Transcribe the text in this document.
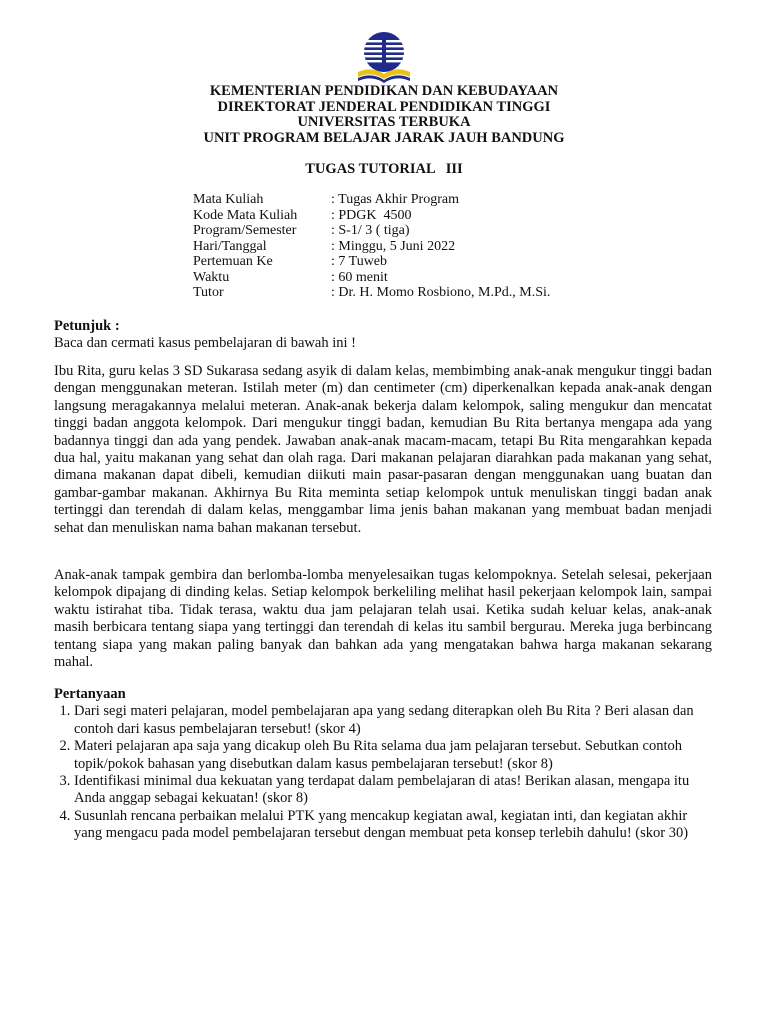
KEMENTERIAN PENDIDIKAN DAN KEBUDAYAAN
DIREKTORAT JENDERAL PENDIDIKAN TINGGI
UNIVERSITAS TERBUKA
UNIT PROGRAM BELAJAR JARAK JAUH BANDUNG
TUGAS TUTORIAL   III
Mata Kuliah	: Tugas Akhir Program
Kode Mata Kuliah	: PDGK  4500
Program/Semester	: S-1/ 3 ( tiga)
Hari/Tanggal	: Minggu, 5 Juni 2022
Pertemuan Ke	: 7 Tuweb
Waktu	: 60 menit
Tutor	: Dr. H. Momo Rosbiono, M.Pd., M.Si.
Petunjuk :
Baca dan cermati kasus pembelajaran di bawah ini !

Ibu Rita, guru kelas 3 SD Sukarasa sedang asyik di dalam kelas, membimbing anak-anak mengukur tinggi badan dengan menggunakan meteran. Istilah meter (m) dan centimeter (cm) diperkenalkan kepada anak-anak dengan langsung meragakannya melalui meteran. Anak-anak bekerja dalam kelompok, saling mengukur dan mencatat tinggi badan anggota kelompok. Dari mengukur tinggi badan, kemudian Bu Rita bertanya mengapa ada yang badannya tinggi dan ada yang pendek. Jawaban anak-anak macam-macam, tetapi Bu Rita mengarahkan kepada dua hal, yaitu makanan yang sehat dan olah raga. Dari makanan pelajaran diarahkan pada makanan yang sehat, dimana makanan dapat dibeli, kemudian diikuti main pasar-pasaran dengan menggunakan uang buatan dan gambar-gambar makanan. Akhirnya Bu Rita meminta setiap kelompok untuk menuliskan tinggi badan anak tertinggi dan terendah di dalam kelas, menggambar lima jenis bahan makanan yang membuat badan menjadi sehat dan menuliskan nama bahan makanan tersebut.

Anak-anak tampak gembira dan berlomba-lomba menyelesaikan tugas kelompoknya. Setelah selesai, pekerjaan kelompok dipajang di dinding kelas. Setiap kelompok berkeliling melihat hasil pekerjaan kelompok lain, sampai waktu istirahat tiba. Tidak terasa, waktu dua jam pelajaran telah usai. Ketika sudah keluar kelas, anak-anak masih berbicara tentang siapa yang tertinggi dan terendah di kelas itu sambil bergurau. Mereka juga berbincang tentang siapa yang makan paling banyak dan bahkan ada yang mengatakan bahwa harga makanan sekarang mahal.

Pertanyaan
1. Dari segi materi pelajaran, model pembelajaran apa yang sedang diterapkan oleh Bu Rita ? Beri alasan dan contoh dari kasus pembelajaran tersebut! (skor 4)
2. Materi pelajaran apa saja yang dicakup oleh Bu Rita selama dua jam pelajaran tersebut. Sebutkan contoh topik/pokok bahasan yang disebutkan dalam kasus pembelajaran tersebut! (skor 8)
3. Identifikasi minimal dua kekuatan yang terdapat dalam pembelajaran di atas! Berikan alasan, mengapa itu Anda anggap sebagai kekuatan! (skor 8)
4. Susunlah rencana perbaikan melalui PTK yang mencakup kegiatan awal, kegiatan inti, dan kegiatan akhir yang mengacu pada model pembelajaran tersebut dengan membuat peta konsep terlebih dahulu! (skor 30)
